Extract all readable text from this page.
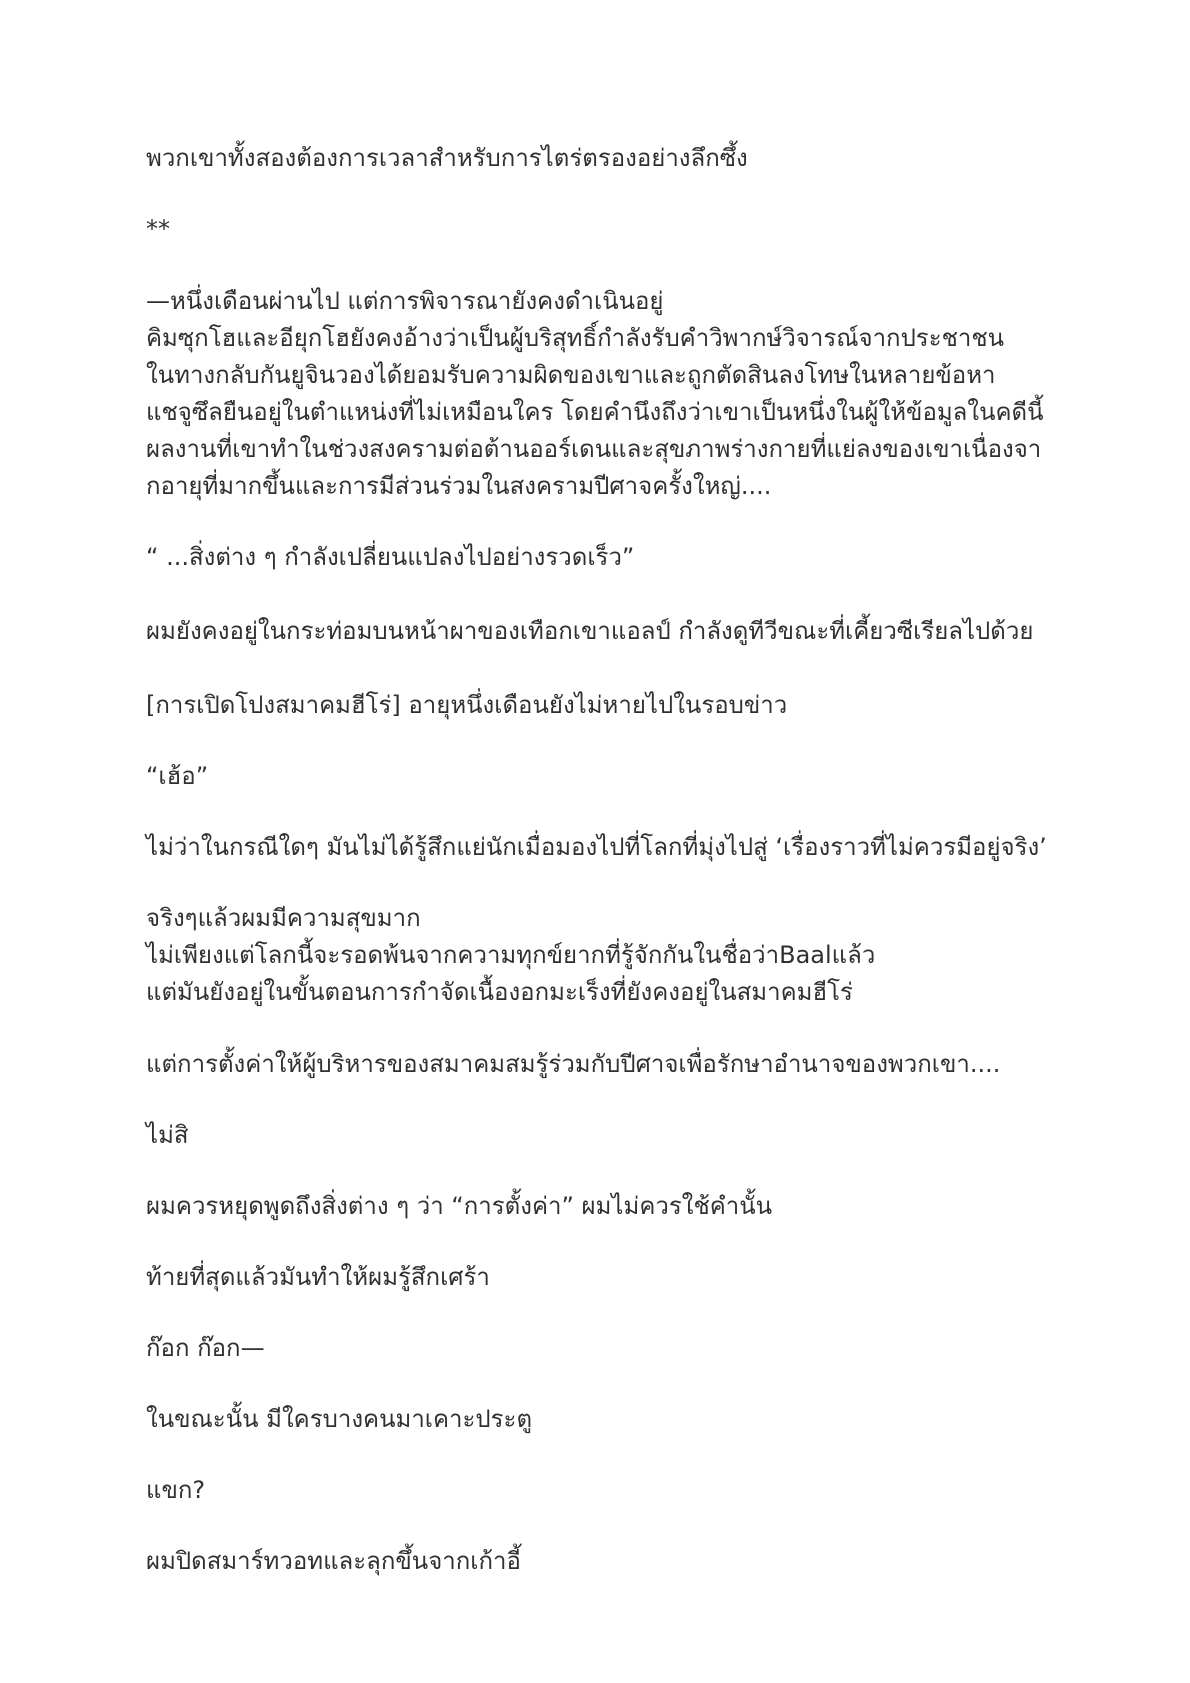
พวกเขาทั้งสองต้องการเวลาสำหรับการไตร่ตรองอย่างลึกซึ้ง
**
—หนึ่งเดือนผ่านไป แต่การพิจารณายังคงดำเนินอยู่
คิมซุกโฮและอียุกโฮยังคงอ้างว่าเป็นผู้บริสุทธิ์กำลังรับคำวิพากษ์วิจารณ์จากประชาชน
ในทางกลับกันยูจินวองได้ยอมรับความผิดของเขาและถูกตัดสินลงโทษในหลายข้อหา
แชจูซึลยืนอยู่ในตำแหน่งที่ไม่เหมือนใคร โดยคำนึงถึงว่าเขาเป็นหนึ่งในผู้ให้ข้อมูลในคดีนี้
ผลงานที่เขาทำในช่วงสงครามต่อต้านออร์เดนและสุขภาพร่างกายที่แย่ลงของเขาเนื่องจา
กอายุที่มากขึ้นและการมีส่วนร่วมในสงครามปีศาจครั้งใหญ่....
“ ...สิ่งต่าง ๆ กำลังเปลี่ยนแปลงไปอย่างรวดเร็ว”
ผมยังคงอยู่ในกระท่อมบนหน้าผาของเทือกเขาแอลป์ กำลังดูทีวีขณะที่เคี้ยวซีเรียลไปด้วย
[การเปิดโปงสมาคมฮีโร่] อายุหนึ่งเดือนยังไม่หายไปในรอบข่าว
“เฮ้อ”
ไม่ว่าในกรณีใดๆ มันไม่ได้รู้สึกแย่นักเมื่อมองไปที่โลกที่มุ่งไปสู่ ‘เรื่องราวที่ไม่ควรมีอยู่จริง’
จริงๆแล้วผมมีความสุขมาก
ไม่เพียงแต่โลกนี้จะรอดพ้นจากความทุกข์ยากที่รู้จักกันในชื่อว่าBaalแล้ว
แต่มันยังอยู่ในขั้นตอนการกำจัดเนื้องอกมะเร็งที่ยังคงอยู่ในสมาคมฮีโร่
แต่การตั้งค่าให้ผู้บริหารของสมาคมสมรู้ร่วมกับปีศาจเพื่อรักษาอำนาจของพวกเขา....
ไม่สิ
ผมควรหยุดพูดถึงสิ่งต่าง ๆ ว่า “การตั้งค่า” ผมไม่ควรใช้คำนั้น
ท้ายที่สุดแล้วมันทำให้ผมรู้สึกเศร้า
ก๊อก ก๊อก—
ในขณะนั้น มีใครบางคนมาเคาะประตู
แขก?
ผมปิดสมาร์ทวอทและลุกขึ้นจากเก้าอี้
